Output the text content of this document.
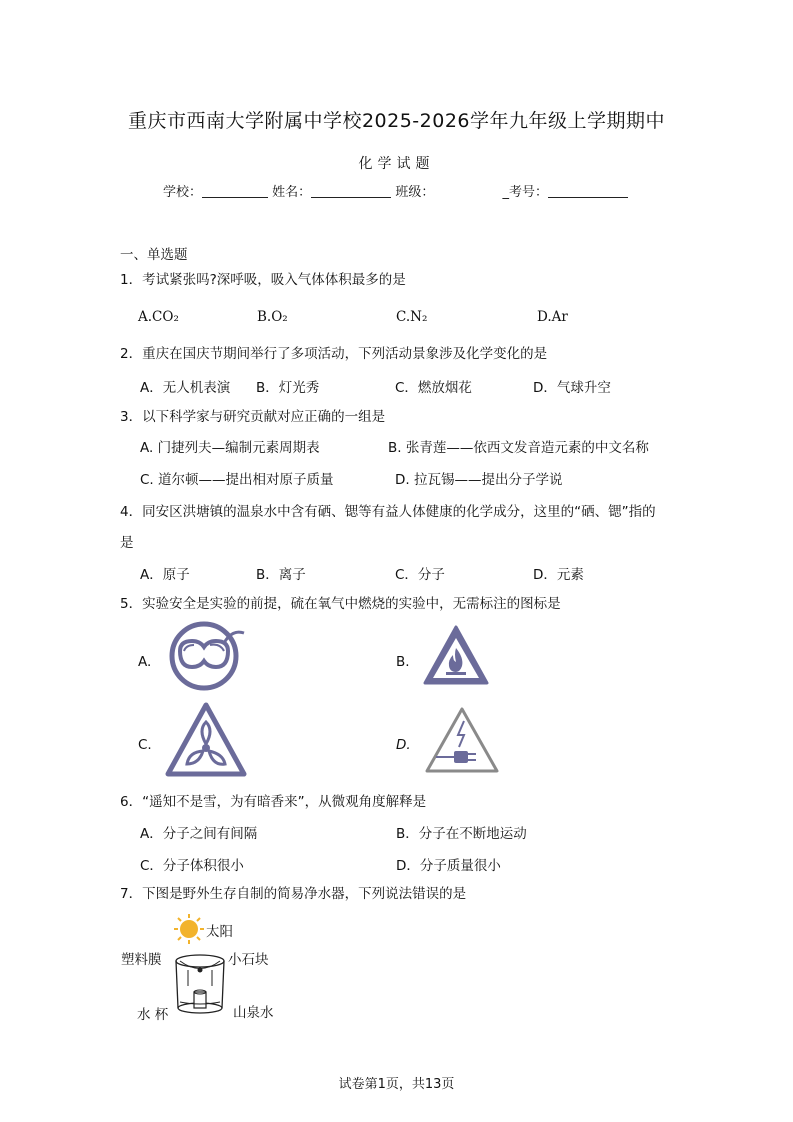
重庆市西南大学附属中学校2025-2026学年九年级上学期期中
化学试题
学校：	姓名：	班级：	_考号：
一、单选题
1．考试紧张吗?深呼吸，吸入气体体积最多的是
A.CO₂	B.O₂	C.N₂	D.Ar
2．重庆在国庆节期间举行了多项活动，下列活动景象涉及化学变化的是
A．无人机表演 B．灯光秀	C．燃放烟花	D．气球升空
3．以下科学家与研究贡献对应正确的一组是
A. 门捷列夫—编制元素周期表	B. 张青莲——依西文发音造元素的中文名称
C. 道尔顿——提出相对原子质量	D. 拉瓦锡——提出分子学说
4．同安区洪塘镇的温泉水中含有硒、锶等有益人体健康的化学成分，这里的“硒、锶”指的
是
A．原子	B．离子	C．分子	D．元素
5．实验安全是实验的前提，硫在氧气中燃烧的实验中，无需标注的图标是
A.	B.
C.	D.
6．“遥知不是雪，为有暗香来”，从微观角度解释是
A．分子之间有间隔	B．分子在不断地运动
C．分子体积很小	D．分子质量很小
7．下图是野外生存自制的简易净水器，下列说法错误的是
太阳
塑料膜	小石块
水 杯	山泉水
试卷第1页，共13页
